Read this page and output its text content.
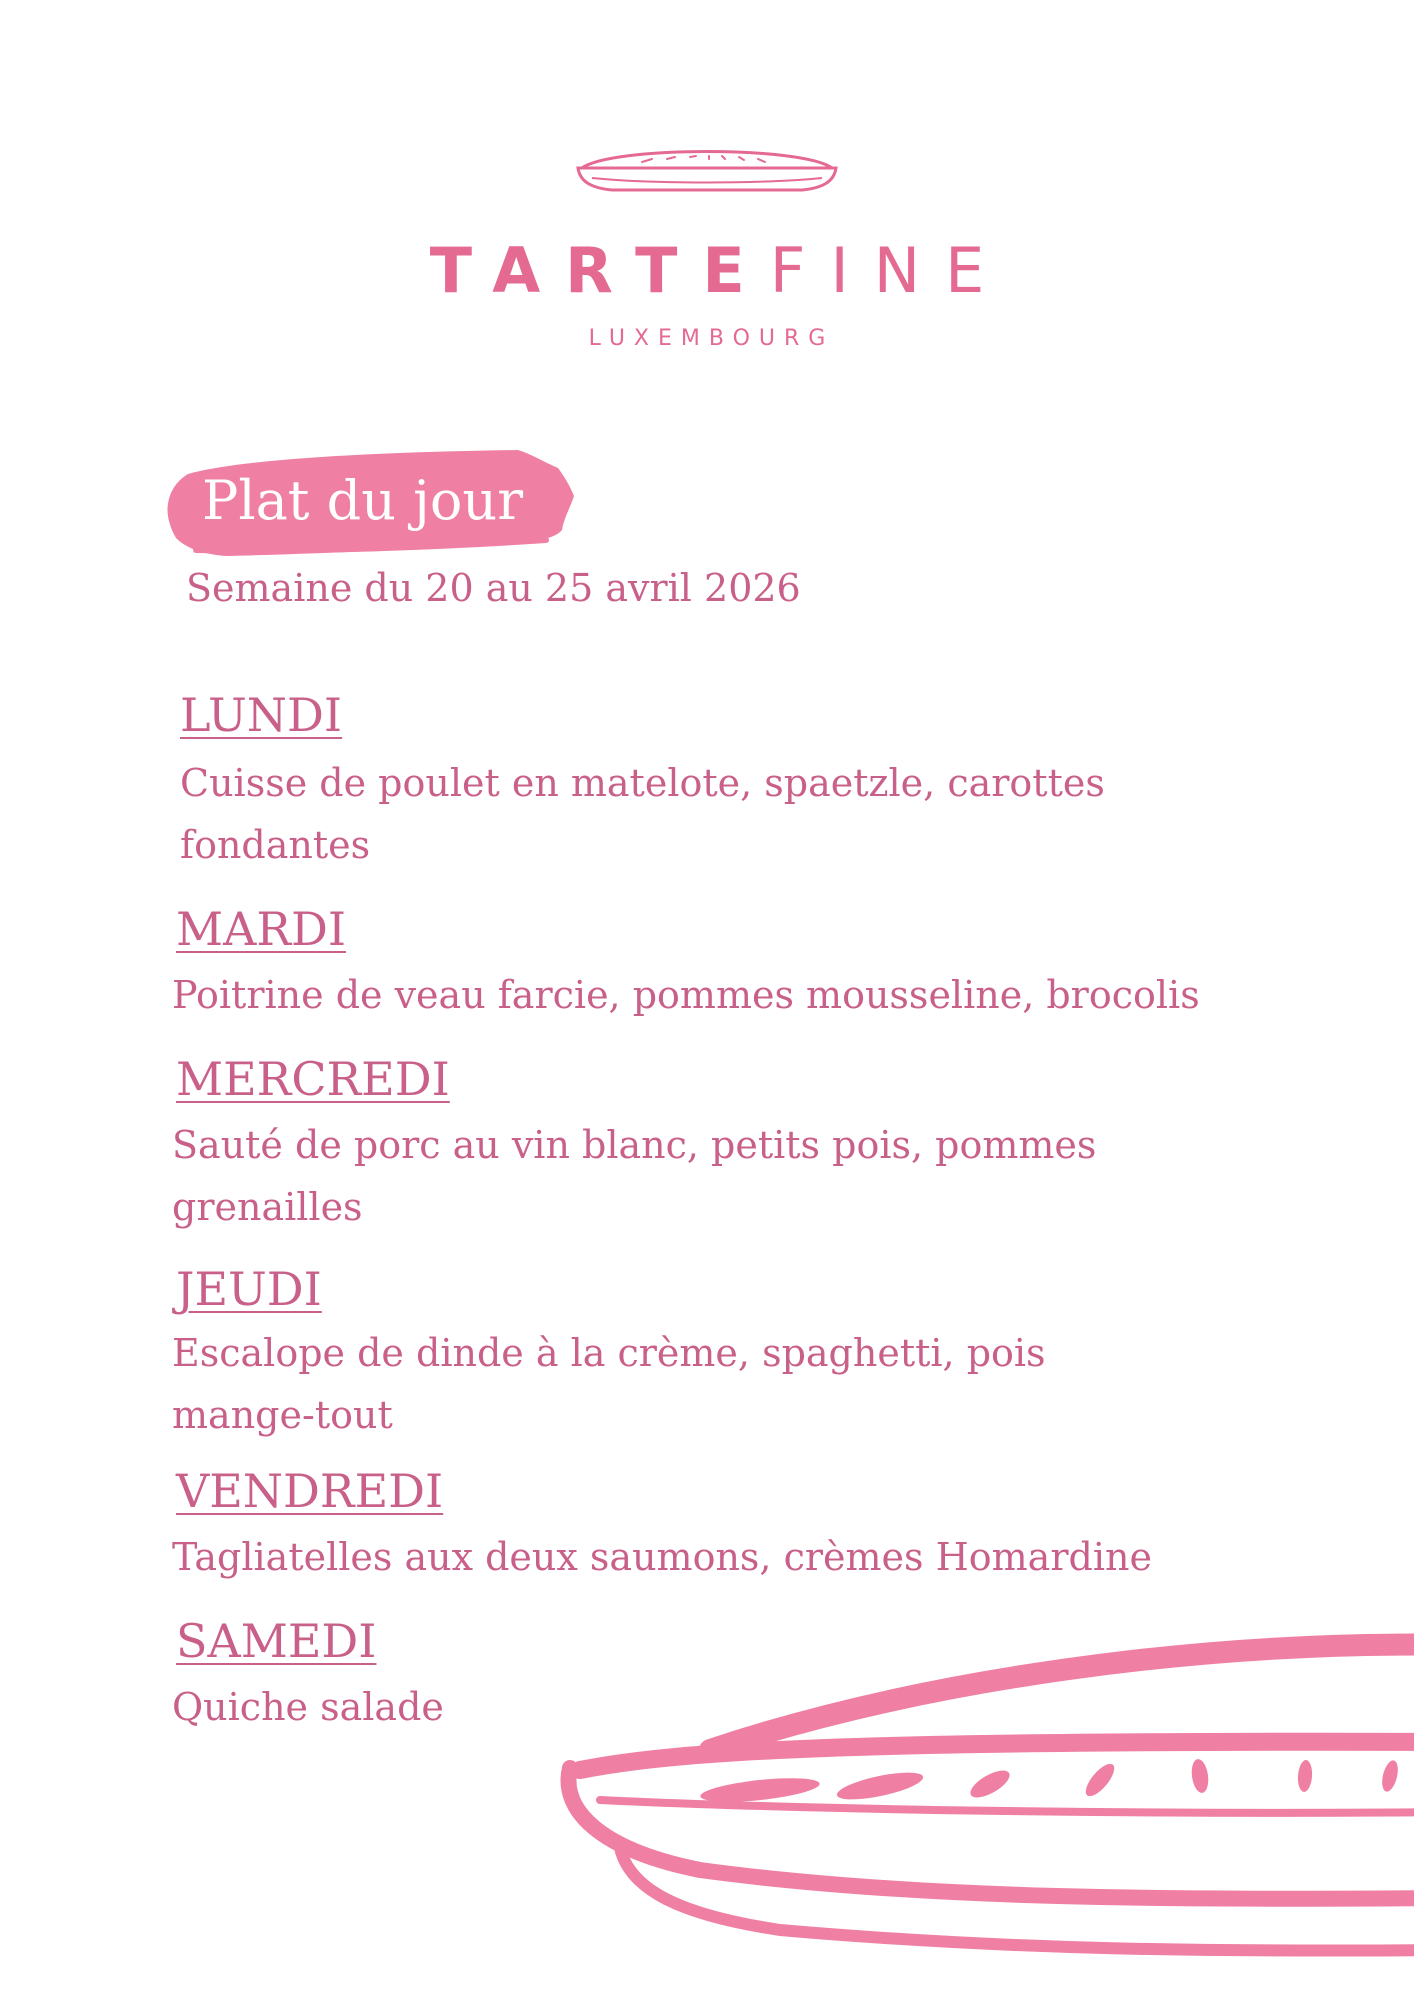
TARTEFINE
LUXEMBOURG
Plat du jour
Semaine du 20 au 25 avril 2026
LUNDI
Cuisse de poulet en matelote, spaetzle, carottes fondantes
MARDI
Poitrine de veau farcie, pommes mousseline, brocolis
MERCREDI
Sauté de porc au vin blanc, petits pois, pommes grenailles
JEUDI
Escalope de dinde à la crème, spaghetti, pois mange-tout
VENDREDI
Tagliatelles aux deux saumons, crèmes Homardine
SAMEDI
Quiche salade
